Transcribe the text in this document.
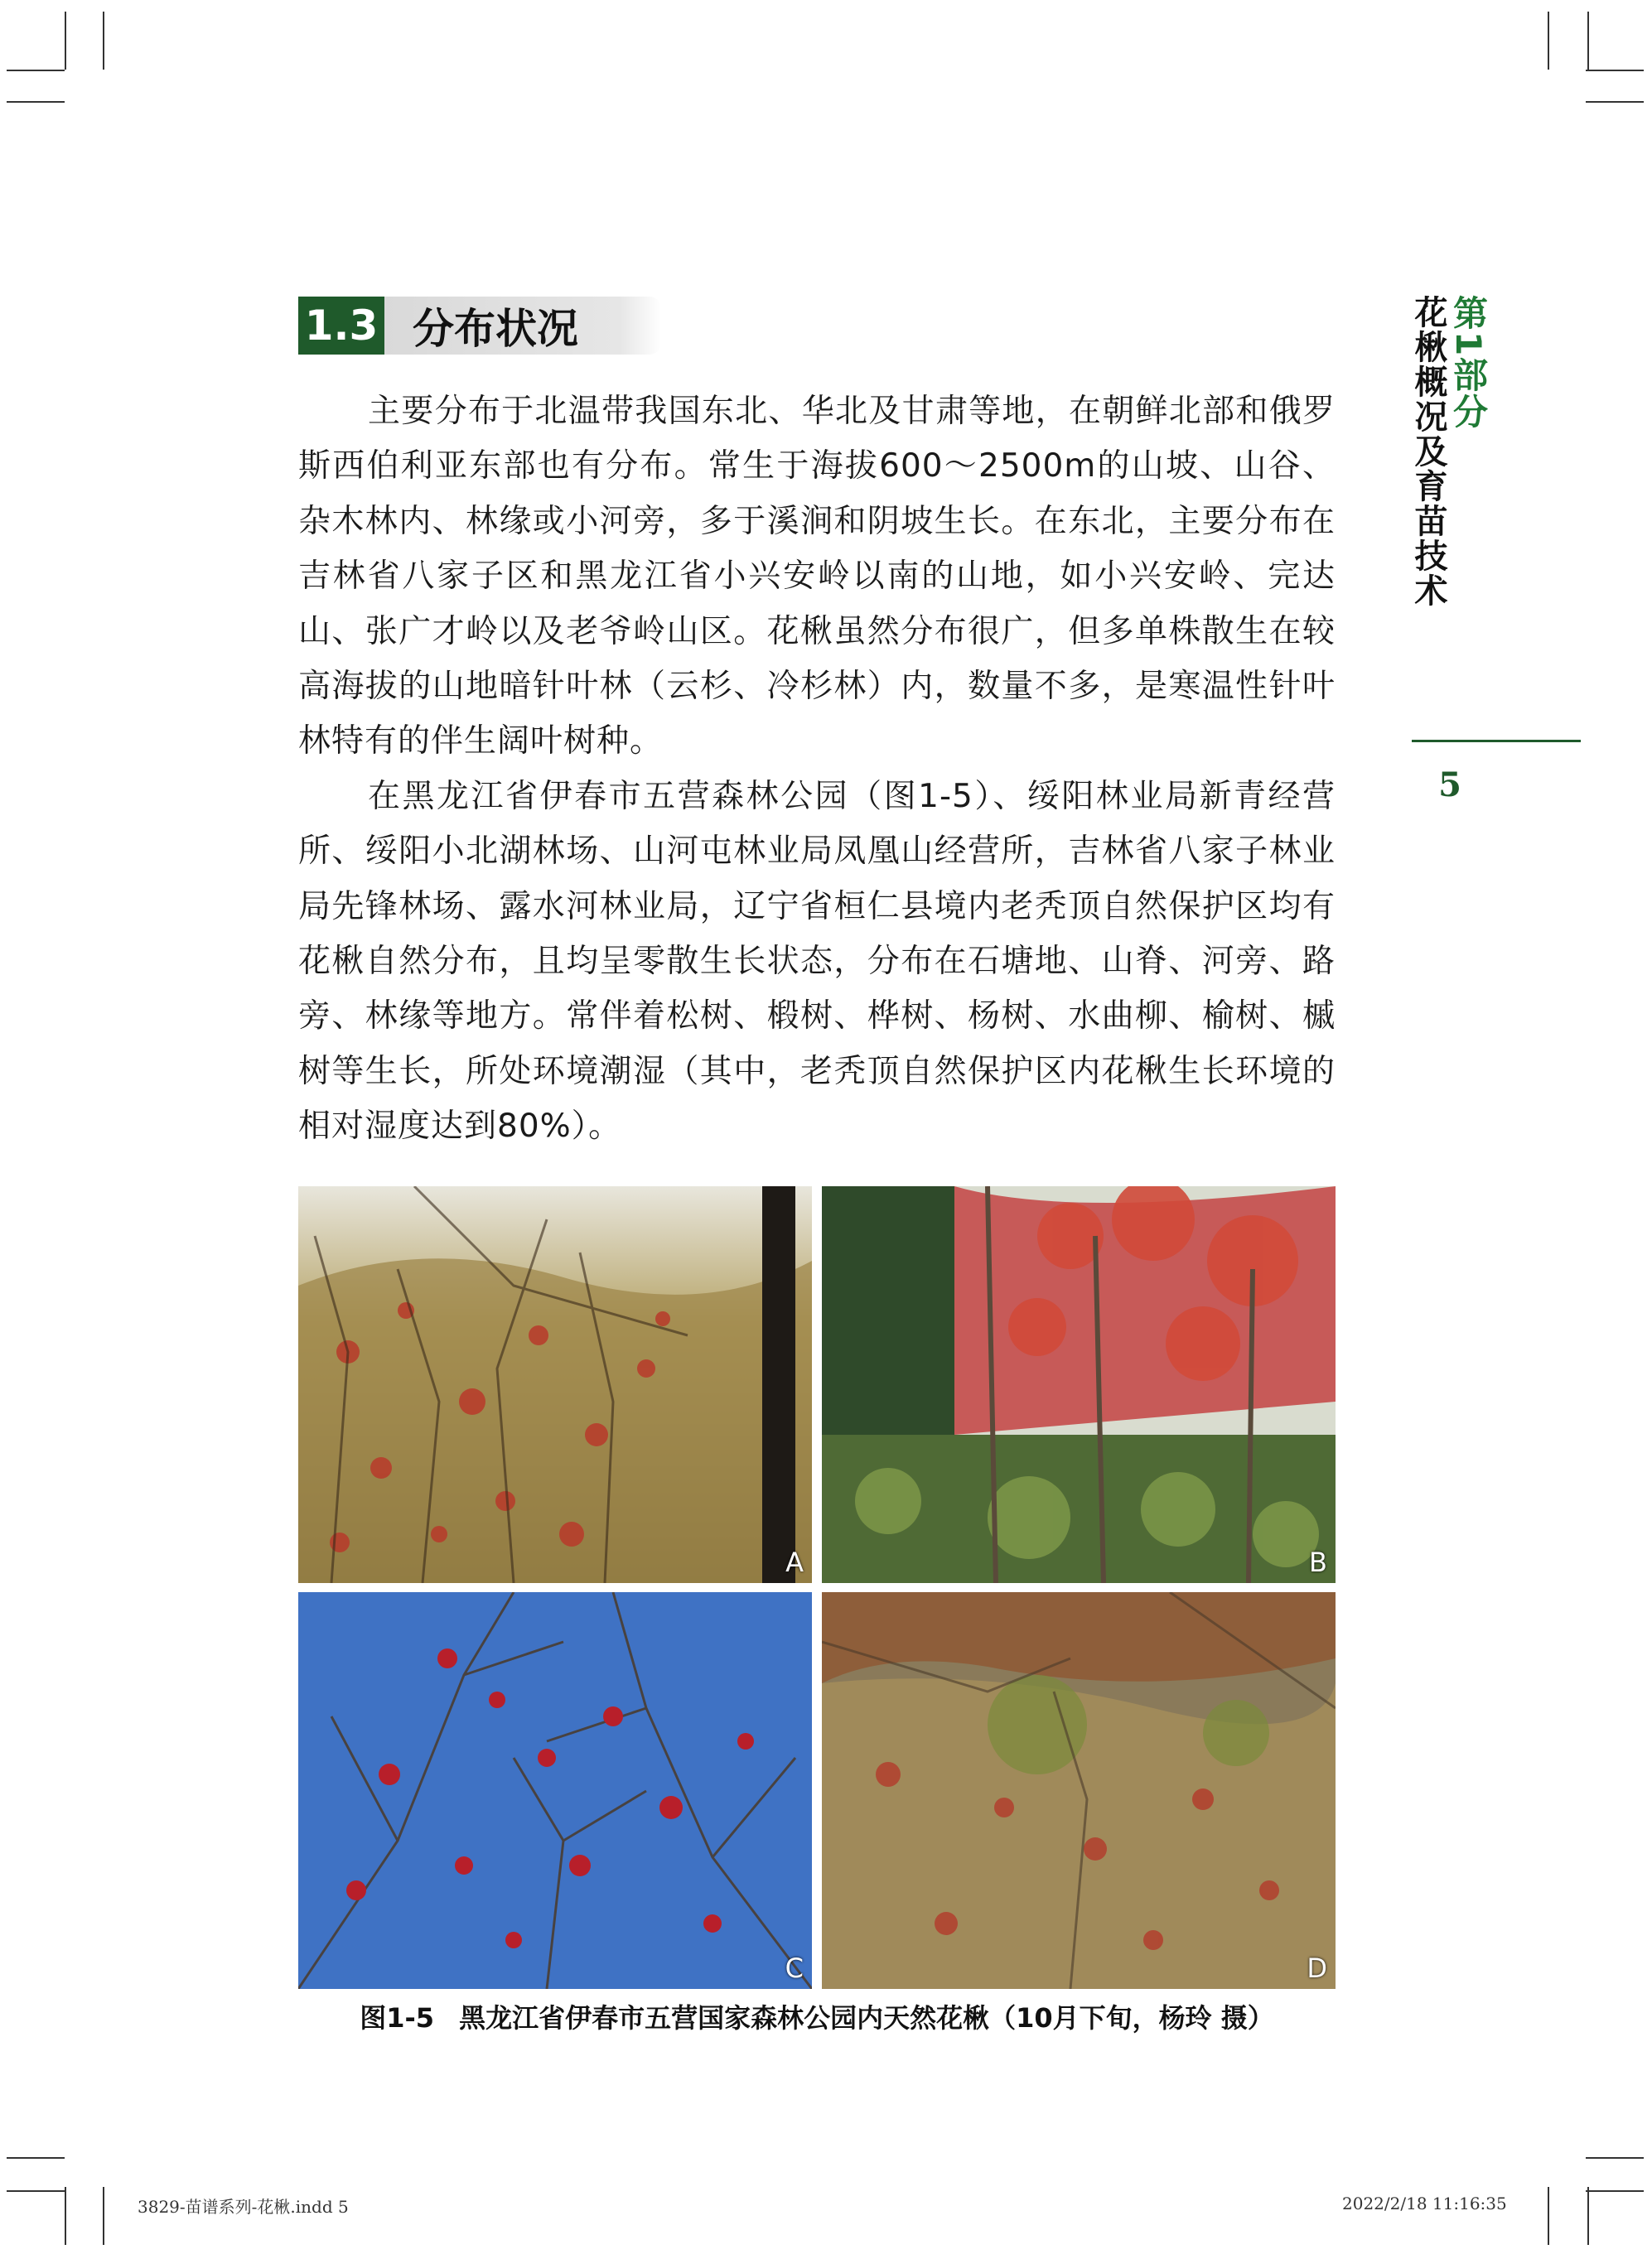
1.3 分布状况

主要分布于北温带我国东北、华北及甘肃等地，在朝鲜北部和俄罗斯西伯利亚东部也有分布。常生于海拔600～2500m的山坡、山谷、杂木林内、林缘或小河旁，多于溪涧和阴坡生长。在东北，主要分布在吉林省八家子区和黑龙江省小兴安岭以南的山地，如小兴安岭、完达山、张广才岭以及老爷岭山区。花楸虽然分布很广，但多单株散生在较高海拔的山地暗针叶林（云杉、冷杉林）内，数量不多，是寒温性针叶林特有的伴生阔叶树种。

在黑龙江省伊春市五营森林公园（图1-5）、绥阳林业局新青经营所、绥阳小北湖林场、山河屯林业局凤凰山经营所，吉林省八家子林业局先锋林场、露水河林业局，辽宁省桓仁县境内老秃顶自然保护区均有花楸自然分布，且均呈零散生长状态，分布在石塘地、山脊、河旁、路旁、林缘等地方。常伴着松树、椴树、桦树、杨树、水曲柳、榆树、槭树等生长，所处环境潮湿（其中，老秃顶自然保护区内花楸生长环境的相对湿度达到80%）。

第1部分
花楸概况及育苗技术
5
A	B
C	D
图1-5 黑龙江省伊春市五营国家森林公园内天然花楸（10月下旬，杨玲 摄）
3829-苗谱系列-花楸.indd 5	2022/2/18 11:16:35
